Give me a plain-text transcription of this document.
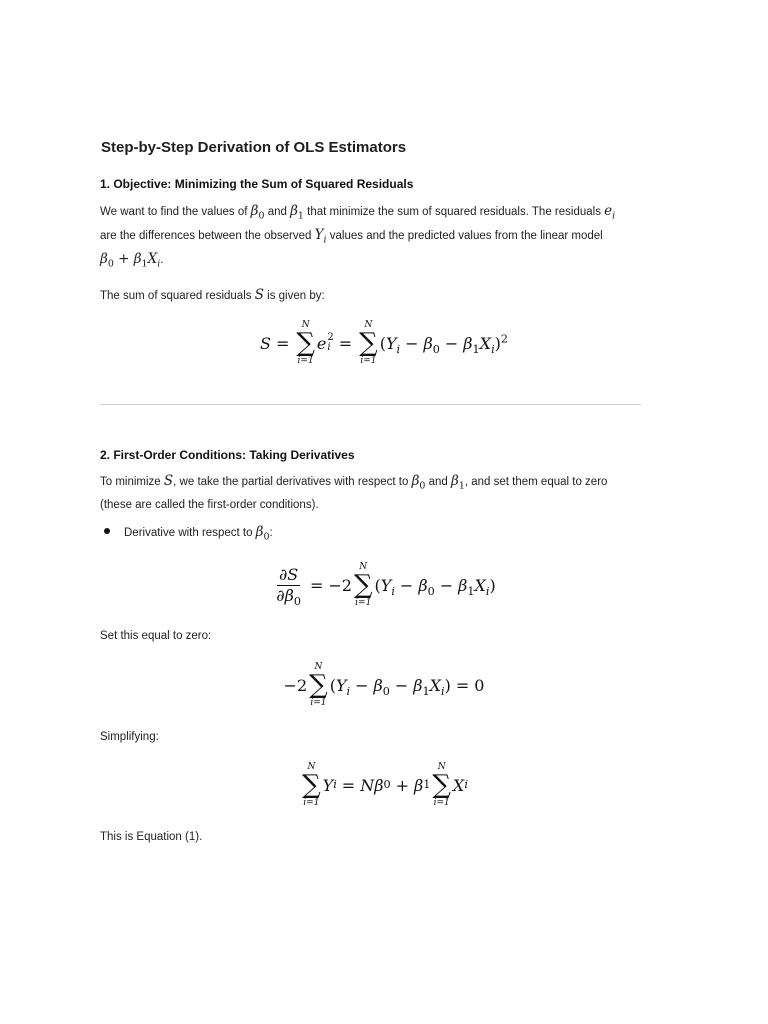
Step-by-Step Derivation of OLS Estimators
1. Objective: Minimizing the Sum of Squared Residuals

We want to find the values of $\beta_0$ and $\beta_1$ that minimize the sum of squared residuals. The residuals $e_i$
are the differences between the observed $Y_i$ values and the predicted values from the linear model
$\beta_0 + \beta_1X_i$.

The sum of squared residuals S is given by:

S =
N
∑
i=1
e 2
i =
N
∑
i=1
$(Y_i - \beta_0 - \beta_1X_i)^2$
2. First-Order Conditions: Taking Derivatives

To minimize S, we take the partial derivatives with respect to $\beta_0$ and $\beta_1$, and set them equal to zero
(these are called the first-order conditions).

Derivative with respect to $\beta_0$:

$\frac{\partial S}{\partial\beta_0} = -2$
N
∑
i=1
$(Y_i - \beta_0 - \beta_1X_i)$

Set this equal to zero:

−2
N
∑
i=1
$(Y_i - \beta_0 - \beta_1X_i) = 0$

Simplifying:

N
∑
i=1
Y i = Nβ 0 + β 1
N
∑
i=1
X i

This is Equation (1).
